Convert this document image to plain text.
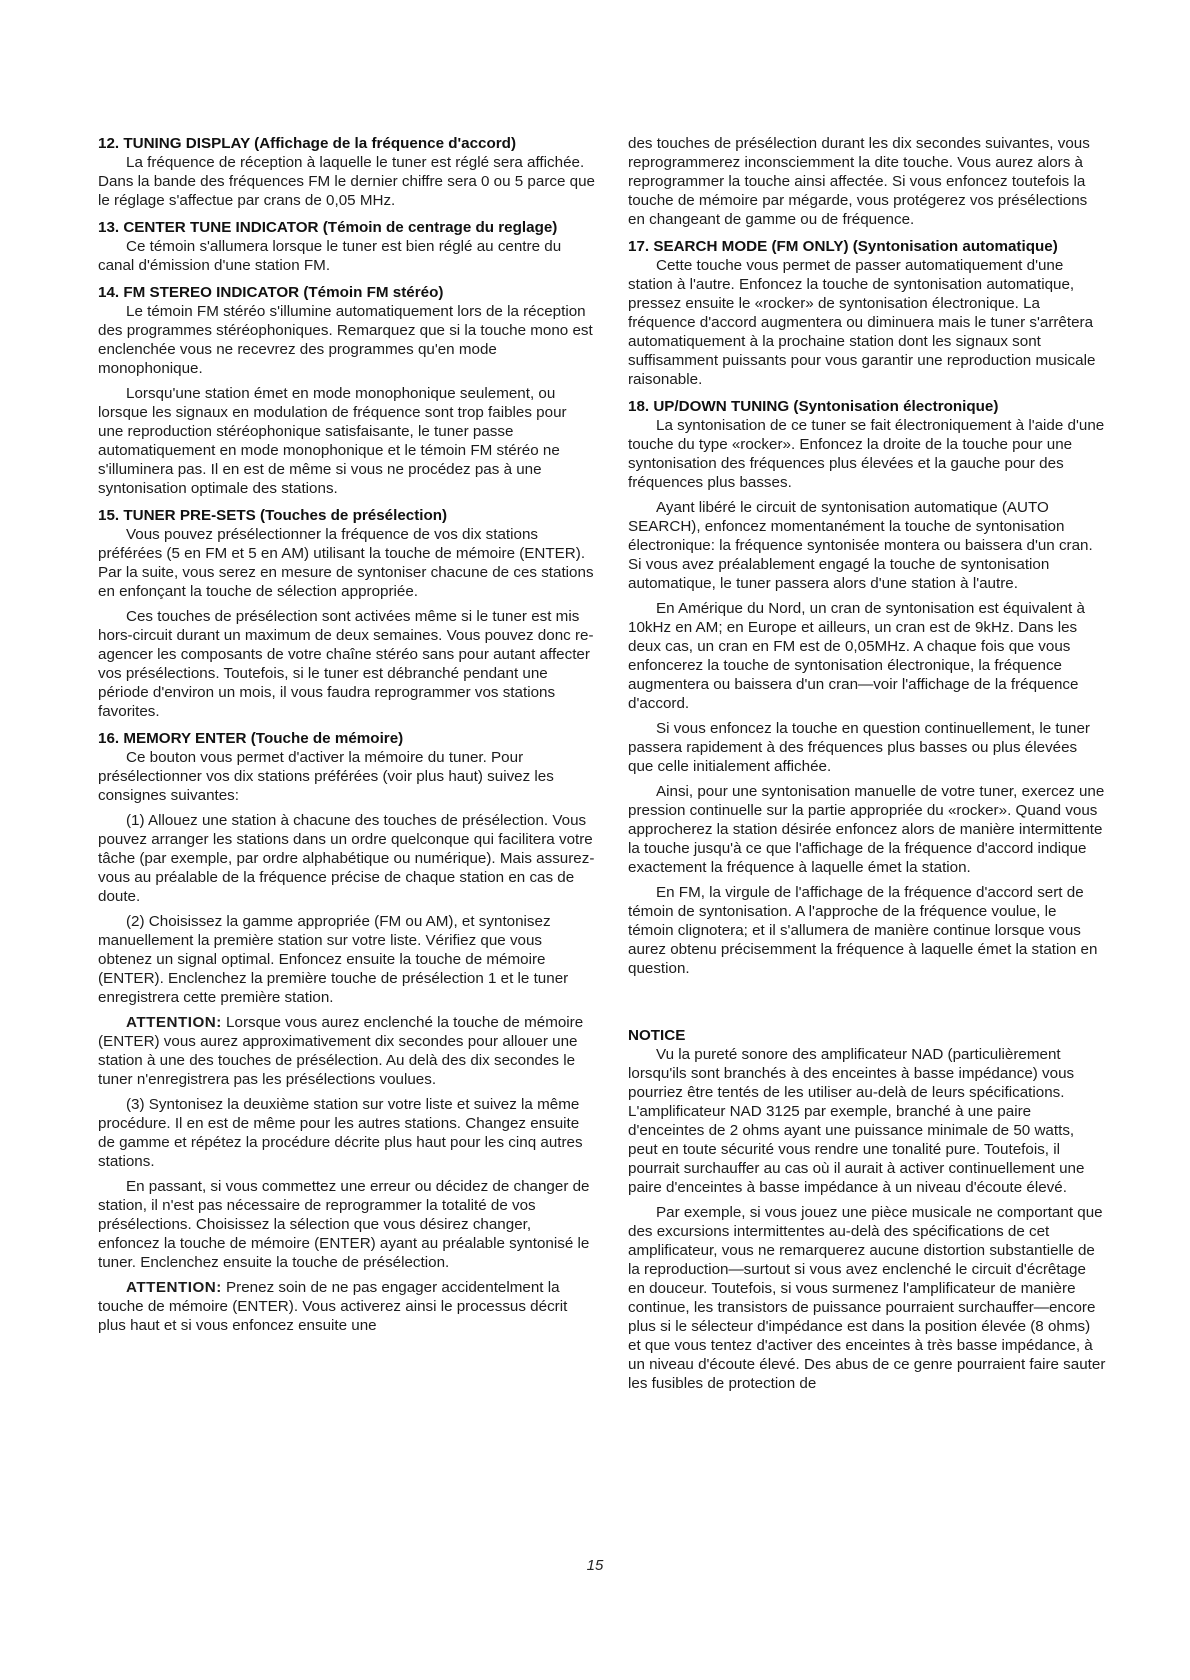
12. TUNING DISPLAY (Affichage de la fréquence d'accord)

La fréquence de réception à laquelle le tuner est réglé sera affichée. Dans la bande des fréquences FM le dernier chiffre sera 0 ou 5 parce que le réglage s'affectue par crans de 0,05 MHz.

13. CENTER TUNE INDICATOR (Témoin de centrage du reglage)

Ce témoin s'allumera lorsque le tuner est bien réglé au centre du canal d'émission d'une station FM.

14. FM STEREO INDICATOR (Témoin FM stéréo)

Le témoin FM stéréo s'illumine automatiquement lors de la réception des programmes stéréophoniques. Remarquez que si la touche mono est enclenchée vous ne recevrez des programmes qu'en mode monophonique.

Lorsqu'une station émet en mode monophonique seulement, ou lorsque les signaux en modulation de fréquence sont trop faibles pour une reproduction stéréophonique satisfaisante, le tuner passe automatiquement en mode monophonique et le témoin FM stéréo ne s'illuminera pas. Il en est de même si vous ne procédez pas à une syntonisation optimale des stations.

15. TUNER PRE-SETS (Touches de présélection)

Vous pouvez présélectionner la fréquence de vos dix stations préférées (5 en FM et 5 en AM) utilisant la touche de mémoire (ENTER). Par la suite, vous serez en mesure de syntoniser chacune de ces stations en enfonçant la touche de sélection appropriée.

Ces touches de présélection sont activées même si le tuner est mis hors-circuit durant un maximum de deux semaines. Vous pouvez donc re-agencer les composants de votre chaîne stéréo sans pour autant affecter vos présélections. Toutefois, si le tuner est débranché pendant une période d'environ un mois, il vous faudra reprogrammer vos stations favorites.

16. MEMORY ENTER (Touche de mémoire)

Ce bouton vous permet d'activer la mémoire du tuner. Pour présélectionner vos dix stations préférées (voir plus haut) suivez les consignes suivantes:

(1) Allouez une station à chacune des touches de présélection. Vous pouvez arranger les stations dans un ordre quelconque qui facilitera votre tâche (par exemple, par ordre alphabétique ou numérique). Mais assurez-vous au préalable de la fréquence précise de chaque station en cas de doute.

(2) Choisissez la gamme appropriée (FM ou AM), et syntonisez manuellement la première station sur votre liste. Vérifiez que vous obtenez un signal optimal. Enfoncez ensuite la touche de mémoire (ENTER). Enclenchez la première touche de présélection 1 et le tuner enregistrera cette première station.

ATTENTION: Lorsque vous aurez enclenché la touche de mémoire (ENTER) vous aurez approximativement dix secondes pour allouer une station à une des touches de présélection. Au delà des dix secondes le tuner n'enregistrera pas les présélections voulues.

(3) Syntonisez la deuxième station sur votre liste et suivez la même procédure. Il en est de même pour les autres stations. Changez ensuite de gamme et répétez la procédure décrite plus haut pour les cinq autres stations.

En passant, si vous commettez une erreur ou décidez de changer de station, il n'est pas nécessaire de reprogrammer la totalité de vos présélections. Choisissez la sélection que vous désirez changer, enfoncez la touche de mémoire (ENTER) ayant au préalable syntonisé le tuner. Enclenchez ensuite la touche de présélection.

ATTENTION: Prenez soin de ne pas engager accidentelment la touche de mémoire (ENTER). Vous activerez ainsi le processus décrit plus haut et si vous enfoncez ensuite une

des touches de présélection durant les dix secondes suivantes, vous reprogrammerez inconsciemment la dite touche. Vous aurez alors à reprogrammer la touche ainsi affectée. Si vous enfoncez toutefois la touche de mémoire par mégarde, vous protégerez vos présélections en changeant de gamme ou de fréquence.

17. SEARCH MODE (FM ONLY) (Syntonisation automatique)

Cette touche vous permet de passer automatiquement d'une station à l'autre. Enfoncez la touche de syntonisation automatique, pressez ensuite le «rocker» de syntonisation électronique. La fréquence d'accord augmentera ou diminuera mais le tuner s'arrêtera automatiquement à la prochaine station dont les signaux sont suffisamment puissants pour vous garantir une reproduction musicale raisonable.

18. UP/DOWN TUNING (Syntonisation électronique)

La syntonisation de ce tuner se fait électroniquement à l'aide d'une touche du type «rocker». Enfoncez la droite de la touche pour une syntonisation des fréquences plus élevées et la gauche pour des fréquences plus basses.

Ayant libéré le circuit de syntonisation automatique (AUTO SEARCH), enfoncez momentanément la touche de syntonisation électronique: la fréquence syntonisée montera ou baissera d'un cran. Si vous avez préalablement engagé la touche de syntonisation automatique, le tuner passera alors d'une station à l'autre.

En Amérique du Nord, un cran de syntonisation est équivalent à 10kHz en AM; en Europe et ailleurs, un cran est de 9kHz. Dans les deux cas, un cran en FM est de 0,05MHz. A chaque fois que vous enfoncerez la touche de syntonisation électronique, la fréquence augmentera ou baissera d'un cran—voir l'affichage de la fréquence d'accord.

Si vous enfoncez la touche en question continuellement, le tuner passera rapidement à des fréquences plus basses ou plus élevées que celle initialement affichée.

Ainsi, pour une syntonisation manuelle de votre tuner, exercez une pression continuelle sur la partie appropriée du «rocker». Quand vous approcherez la station désirée enfoncez alors de manière intermittente la touche jusqu'à ce que l'affichage de la fréquence d'accord indique exactement la fréquence à laquelle émet la station.

En FM, la virgule de l'affichage de la fréquence d'accord sert de témoin de syntonisation. A l'approche de la fréquence voulue, le témoin clignotera; et il s'allumera de manière continue lorsque vous aurez obtenu précisemment la fréquence à laquelle émet la station en question.

NOTICE

Vu la pureté sonore des amplificateur NAD (particulièrement lorsqu'ils sont branchés à des enceintes à basse impédance) vous pourriez être tentés de les utiliser au-delà de leurs spécifications. L'amplificateur NAD 3125 par exemple, branché à une paire d'enceintes de 2 ohms ayant une puissance minimale de 50 watts, peut en toute sécurité vous rendre une tonalité pure. Toutefois, il pourrait surchauffer au cas où il aurait à activer continuellement une paire d'enceintes à basse impédance à un niveau d'écoute élevé.

Par exemple, si vous jouez une pièce musicale ne comportant que des excursions intermittentes au-delà des spécifications de cet amplificateur, vous ne remarquerez aucune distortion substantielle de la reproduction—surtout si vous avez enclenché le circuit d'écrêtage en douceur. Toutefois, si vous surmenez l'amplificateur de manière continue, les transistors de puissance pourraient surchauffer—encore plus si le sélecteur d'impédance est dans la position élevée (8 ohms) et que vous tentez d'activer des enceintes à très basse impédance, à un niveau d'écoute élevé. Des abus de ce genre pourraient faire sauter les fusibles de protection de

15
